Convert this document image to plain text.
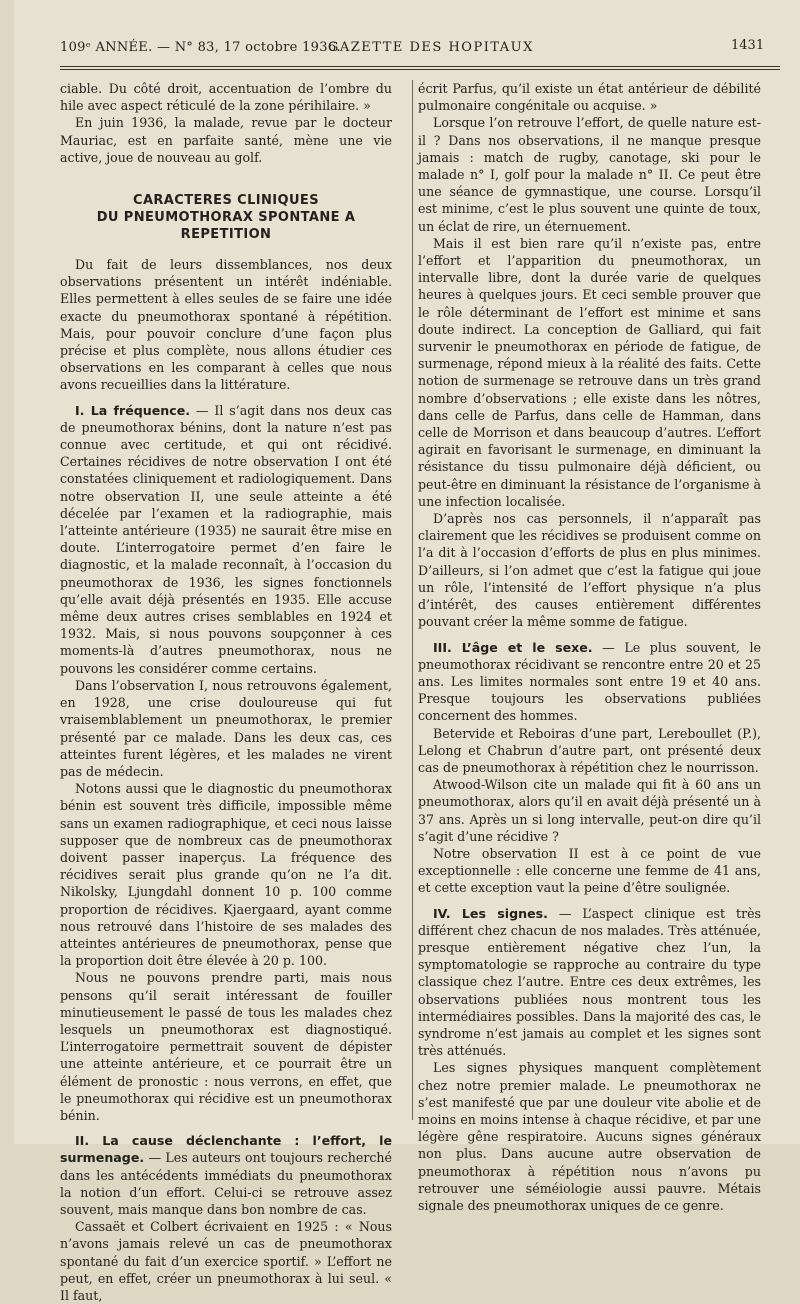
109ᵉ ANNÉE. — N° 83, 17 octobre 1936.
GAZETTE DES HOPITAUX	1431

ciable. Du côté droit, accentuation de l’ombre du hile avec aspect réticulé de la zone périhilaire. »

En juin 1936, la malade, revue par le docteur Mauriac, est en parfaite santé, mène une vie active, joue de nouveau au golf.

CARACTERES CLINIQUES
DU PNEUMOTHORAX SPONTANE A REPETITION

Du fait de leurs dissemblances, nos deux observations présentent un intérêt indéniable. Elles permettent à elles seules de se faire une idée exacte du pneumothorax spontané à répétition. Mais, pour pouvoir conclure d’une façon plus précise et plus complète, nous allons étudier ces observations en les comparant à celles que nous avons recueillies dans la littérature.

I. La fréquence. — Il s’agit dans nos deux cas de pneumothorax bénins, dont la nature n’est pas connue avec certitude, et qui ont récidivé. Certaines récidives de notre observation I ont été constatées cliniquement et radiologiquement. Dans notre observation II, une seule atteinte a été décelée par l’examen et la radiographie, mais l’atteinte antérieure (1935) ne saurait être mise en doute. L’interrogatoire permet d’en faire le diagnostic, et la malade reconnaît, à l’occasion du pneumothorax de 1936, les signes fonctionnels qu’elle avait déjà présentés en 1935. Elle accuse même deux autres crises semblables en 1924 et 1932. Mais, si nous pouvons soupçonner à ces moments-là d’autres pneumothorax, nous ne pouvons les considérer comme certains.

Dans l’observation I, nous retrouvons également, en 1928, une crise douloureuse qui fut vraisemblablement un pneumothorax, le premier présenté par ce malade. Dans les deux cas, ces atteintes furent légères, et les malades ne virent pas de médecin.

Notons aussi que le diagnostic du pneumothorax bénin est souvent très difficile, impossible même sans un examen radiographique, et ceci nous laisse supposer que de nombreux cas de pneumothorax doivent passer inaperçus. La fréquence des récidives serait plus grande qu’on ne l’a dit. Nikolsky, Ljungdahl donnent 10 p. 100 comme proportion de récidives. Kjaergaard, ayant comme nous retrouvé dans l’histoire de ses malades des atteintes antérieures de pneumothorax, pense que la proportion doit être élevée à 20 p. 100.

Nous ne pouvons prendre parti, mais nous pensons qu’il serait intéressant de fouiller minutieusement le passé de tous les malades chez lesquels un pneumothorax est diagnostiqué. L’interrogatoire permettrait souvent de dépister une atteinte antérieure, et ce pourrait être un élément de pronostic : nous verrons, en effet, que le pneumothorax qui récidive est un pneumothorax bénin.

II. La cause déclenchante : l’effort, le surmenage. — Les auteurs ont toujours recherché dans les antécédents immédiats du pneumothorax la notion d’un effort. Celui-ci se retrouve assez souvent, mais manque dans bon nombre de cas.

Cassaët et Colbert écrivaient en 1925 : « Nous n’avons jamais relevé un cas de pneumothorax spontané du fait d’un exercice sportif. » L’effort ne peut, en effet, créer un pneumothorax à lui seul. « Il faut,

écrit Parfus, qu’il existe un état antérieur de débilité pulmonaire congénitale ou acquise. »

Lorsque l’on retrouve l’effort, de quelle nature est-il ? Dans nos observations, il ne manque presque jamais : match de rugby, canotage, ski pour le malade n° I, golf pour la malade n° II. Ce peut être une séance de gymnastique, une course. Lorsqu’il est minime, c’est le plus souvent une quinte de toux, un éclat de rire, un éternuement.

Mais il est bien rare qu’il n’existe pas, entre l’effort et l’apparition du pneumothorax, un intervalle libre, dont la durée varie de quelques heures à quelques jours. Et ceci semble prouver que le rôle déterminant de l’effort est minime et sans doute indirect. La conception de Galliard, qui fait survenir le pneumothorax en période de fatigue, de surmenage, répond mieux à la réalité des faits. Cette notion de surmenage se retrouve dans un très grand nombre d’observations ; elle existe dans les nôtres, dans celle de Parfus, dans celle de Hamman, dans celle de Morrison et dans beaucoup d’autres. L’effort agirait en favorisant le surmenage, en diminuant la résistance du tissu pulmonaire déjà déficient, ou peut-être en diminuant la résistance de l’organisme à une infection localisée.

D’après nos cas personnels, il n’apparaît pas clairement que les récidives se produisent comme on l’a dit à l’occasion d’efforts de plus en plus minimes. D’ailleurs, si l’on admet que c’est la fatigue qui joue un rôle, l’intensité de l’effort physique n’a plus d’intérêt, des causes entièrement différentes pouvant créer la même somme de fatigue.

III. L’âge et le sexe. — Le plus souvent, le pneumothorax récidivant se rencontre entre 20 et 25 ans. Les limites normales sont entre 19 et 40 ans. Presque toujours les observations publiées concernent des hommes.

Betervide et Reboiras d’une part, Lereboullet (P.), Lelong et Chabrun d’autre part, ont présenté deux cas de pneumothorax à répétition chez le nourrisson.

Atwood-Wilson cite un malade qui fit à 60 ans un pneumothorax, alors qu’il en avait déjà présenté un à 37 ans. Après un si long intervalle, peut-on dire qu’il s’agit d’une récidive ?

Notre observation II est à ce point de vue exceptionnelle : elle concerne une femme de 41 ans, et cette exception vaut la peine d’être soulignée.

IV. Les signes. — L’aspect clinique est très différent chez chacun de nos malades. Très atténuée, presque entièrement négative chez l’un, la symptomatologie se rapproche au contraire du type classique chez l’autre. Entre ces deux extrêmes, les observations publiées nous montrent tous les intermédiaires possibles. Dans la majorité des cas, le syndrome n’est jamais au complet et les signes sont très atténués.

Les signes physiques manquent complètement chez notre premier malade. Le pneumothorax ne s’est manifesté que par une douleur vite abolie et de moins en moins intense à chaque récidive, et par une légère gêne respiratoire. Aucuns signes généraux non plus. Dans aucune autre observation de pneumothorax à répétition nous n’avons pu retrouver une séméiologie aussi pauvre. Métais signale des pneumothorax uniques de ce genre.
